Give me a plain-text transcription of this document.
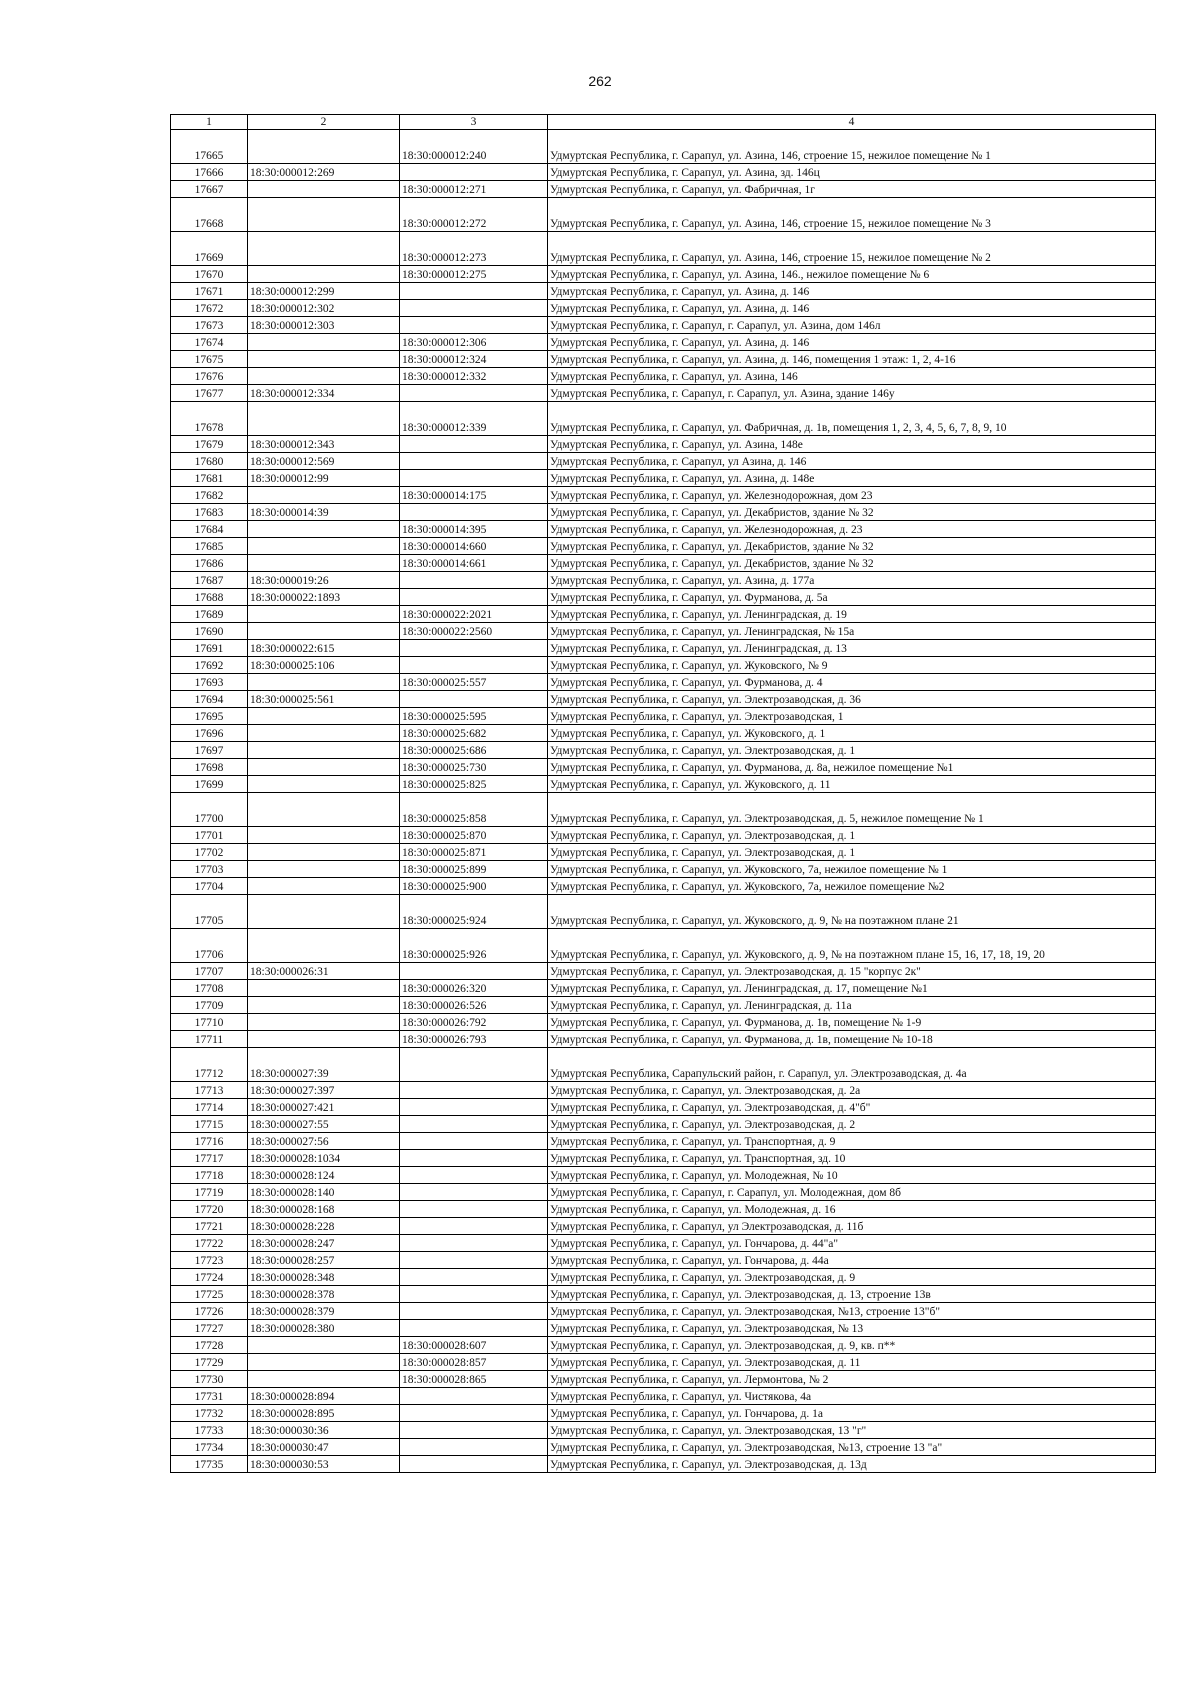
262
1	2	3	4
17665		18:30:000012:240	Удмуртская Республика, г. Сарапул, ул. Азина, 146, строение 15, нежилое помещение № 1
17666	18:30:000012:269		Удмуртская Республика, г. Сарапул, ул. Азина, зд. 146ц
17667		18:30:000012:271	Удмуртская Республика, г. Сарапул, ул. Фабричная, 1г
17668		18:30:000012:272	Удмуртская Республика, г. Сарапул, ул. Азина, 146, строение 15, нежилое помещение № 3
17669		18:30:000012:273	Удмуртская Республика, г. Сарапул, ул. Азина, 146, строение 15, нежилое помещение № 2
17670		18:30:000012:275	Удмуртская Республика, г. Сарапул, ул. Азина, 146., нежилое помещение № 6
17671	18:30:000012:299		Удмуртская Республика, г. Сарапул, ул. Азина, д. 146
17672	18:30:000012:302		Удмуртская Республика, г. Сарапул, ул. Азина, д. 146
17673	18:30:000012:303		Удмуртская Республика, г. Сарапул, г. Сарапул, ул. Азина, дом 146л
17674		18:30:000012:306	Удмуртская Республика, г. Сарапул, ул. Азина, д. 146
17675		18:30:000012:324	Удмуртская Республика, г. Сарапул, ул. Азина, д. 146, помещения 1 этаж: 1, 2, 4-16
17676		18:30:000012:332	Удмуртская Республика, г. Сарапул, ул. Азина, 146
17677	18:30:000012:334		Удмуртская Республика, г. Сарапул, г. Сарапул, ул. Азина, здание 146у
17678		18:30:000012:339	Удмуртская Республика, г. Сарапул, ул. Фабричная, д. 1в, помещения 1, 2, 3, 4, 5, 6, 7, 8, 9, 10
17679	18:30:000012:343		Удмуртская Республика, г. Сарапул, ул. Азина, 148е
17680	18:30:000012:569		Удмуртская Республика, г. Сарапул, ул Азина, д. 146
17681	18:30:000012:99		Удмуртская Республика, г. Сарапул, ул. Азина, д. 148е
17682		18:30:000014:175	Удмуртская Республика, г. Сарапул, ул. Железнодорожная, дом 23
17683	18:30:000014:39		Удмуртская Республика, г. Сарапул, ул. Декабристов, здание № 32
17684		18:30:000014:395	Удмуртская Республика, г. Сарапул, ул. Железнодорожная, д. 23
17685		18:30:000014:660	Удмуртская Республика, г. Сарапул, ул. Декабристов, здание № 32
17686		18:30:000014:661	Удмуртская Республика, г. Сарапул, ул. Декабристов, здание № 32
17687	18:30:000019:26		Удмуртская Республика, г. Сарапул, ул. Азина, д. 177а
17688	18:30:000022:1893		Удмуртская Республика, г. Сарапул, ул. Фурманова, д. 5а
17689		18:30:000022:2021	Удмуртская Республика, г. Сарапул, ул. Ленинградская, д. 19
17690		18:30:000022:2560	Удмуртская Республика, г. Сарапул, ул. Ленинградская, № 15а
17691	18:30:000022:615		Удмуртская Республика, г. Сарапул, ул. Ленинградская, д. 13
17692	18:30:000025:106		Удмуртская Республика, г. Сарапул, ул. Жуковского, № 9
17693		18:30:000025:557	Удмуртская Республика, г. Сарапул, ул. Фурманова, д. 4
17694	18:30:000025:561		Удмуртская Республика, г. Сарапул, ул. Электрозаводская, д. 36
17695		18:30:000025:595	Удмуртская Республика, г. Сарапул, ул. Электрозаводская, 1
17696		18:30:000025:682	Удмуртская Республика, г. Сарапул, ул. Жуковского, д. 1
17697		18:30:000025:686	Удмуртская Республика, г. Сарапул, ул. Электрозаводская, д. 1
17698		18:30:000025:730	Удмуртская Республика, г. Сарапул, ул. Фурманова, д. 8а, нежилое помещение №1
17699		18:30:000025:825	Удмуртская Республика, г. Сарапул, ул. Жуковского, д. 11
17700		18:30:000025:858	Удмуртская Республика, г. Сарапул, ул. Электрозаводская, д. 5, нежилое помещение № 1
17701		18:30:000025:870	Удмуртская Республика, г. Сарапул, ул. Электрозаводская, д. 1
17702		18:30:000025:871	Удмуртская Республика, г. Сарапул, ул. Электрозаводская, д. 1
17703		18:30:000025:899	Удмуртская Республика, г. Сарапул, ул. Жуковского, 7а, нежилое помещение № 1
17704		18:30:000025:900	Удмуртская Республика, г. Сарапул, ул. Жуковского, 7а, нежилое помещение №2
17705		18:30:000025:924	Удмуртская Республика, г. Сарапул, ул. Жуковского, д. 9, № на поэтажном плане 21
17706		18:30:000025:926	Удмуртская Республика, г. Сарапул, ул. Жуковского, д. 9, № на поэтажном плане 15, 16, 17, 18, 19, 20
17707	18:30:000026:31		Удмуртская Республика, г. Сарапул, ул. Электрозаводская, д. 15 "корпус 2к"
17708		18:30:000026:320	Удмуртская Республика, г. Сарапул, ул. Ленинградская, д. 17, помещение №1
17709		18:30:000026:526	Удмуртская Республика, г. Сарапул, ул. Ленинградская, д. 11а
17710		18:30:000026:792	Удмуртская Республика, г. Сарапул, ул. Фурманова, д. 1в, помещение № 1-9
17711		18:30:000026:793	Удмуртская Республика, г. Сарапул, ул. Фурманова, д. 1в, помещение № 10-18
17712	18:30:000027:39		Удмуртская Республика, Сарапульский район, г. Сарапул, ул. Электрозаводская, д. 4а
17713	18:30:000027:397		Удмуртская Республика, г. Сарапул, ул. Электрозаводская, д. 2а
17714	18:30:000027:421		Удмуртская Республика, г. Сарапул, ул. Электрозаводская, д. 4"б"
17715	18:30:000027:55		Удмуртская Республика, г. Сарапул, ул. Электрозаводская, д. 2
17716	18:30:000027:56		Удмуртская Республика, г. Сарапул, ул. Транспортная, д. 9
17717	18:30:000028:1034		Удмуртская Республика, г. Сарапул, ул. Транспортная, зд. 10
17718	18:30:000028:124		Удмуртская Республика, г. Сарапул, ул. Молодежная, № 10
17719	18:30:000028:140		Удмуртская Республика, г. Сарапул, г. Сарапул, ул. Молодежная, дом 8б
17720	18:30:000028:168		Удмуртская Республика, г. Сарапул, ул. Молодежная, д. 16
17721	18:30:000028:228		Удмуртская Республика, г. Сарапул, ул Электрозаводская, д. 11б
17722	18:30:000028:247		Удмуртская Республика, г. Сарапул, ул. Гончарова, д. 44"а"
17723	18:30:000028:257		Удмуртская Республика, г. Сарапул, ул. Гончарова, д. 44а
17724	18:30:000028:348		Удмуртская Республика, г. Сарапул, ул. Электрозаводская, д. 9
17725	18:30:000028:378		Удмуртская Республика, г. Сарапул, ул. Электрозаводская, д. 13, строение 13в
17726	18:30:000028:379		Удмуртская Республика, г. Сарапул, ул. Электрозаводская, №13, строение 13"б"
17727	18:30:000028:380		Удмуртская Республика, г. Сарапул, ул. Электрозаводская, № 13
17728		18:30:000028:607	Удмуртская Республика, г. Сарапул, ул. Электрозаводская, д. 9, кв. п**
17729		18:30:000028:857	Удмуртская Республика, г. Сарапул, ул. Электрозаводская, д. 11
17730		18:30:000028:865	Удмуртская Республика, г. Сарапул, ул. Лермонтова, № 2
17731	18:30:000028:894		Удмуртская Республика, г. Сарапул, ул. Чистякова, 4а
17732	18:30:000028:895		Удмуртская Республика, г. Сарапул, ул. Гончарова, д. 1а
17733	18:30:000030:36		Удмуртская Республика, г. Сарапул, ул. Электрозаводская, 13 "г"
17734	18:30:000030:47		Удмуртская Республика, г. Сарапул, ул. Электрозаводская, №13, строение 13 "а"
17735	18:30:000030:53		Удмуртская Республика, г. Сарапул, ул. Электрозаводская, д. 13д
